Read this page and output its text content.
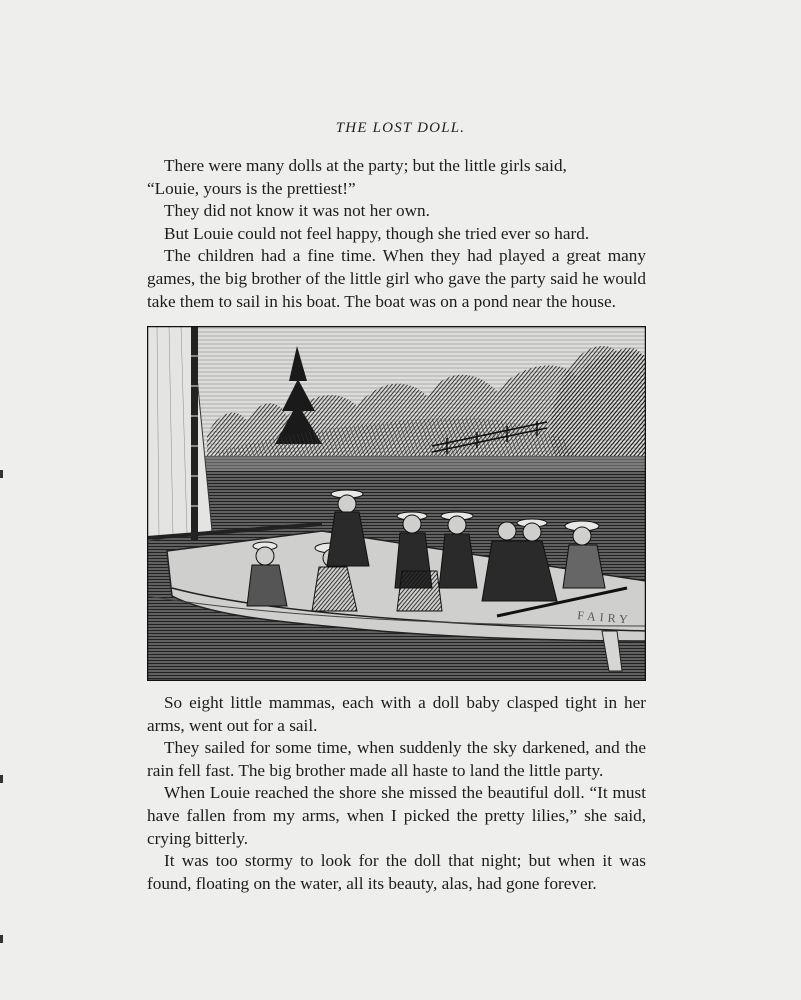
THE LOST DOLL.

There were many dolls at the party; but the little girls said,

“Louie, yours is the prettiest!”

They did not know it was not her own.

But Louie could not feel happy, though she tried ever so hard.

The children had a fine time. When they had played a great many games, the big brother of the little girl who gave the party said he would take them to sail in his boat. The boat was on a pond near the house.

FAIRY

So eight little mammas, each with a doll baby clasped tight in her arms, went out for a sail.

They sailed for some time, when suddenly the sky darkened, and the rain fell fast. The big brother made all haste to land the little party.

When Louie reached the shore she missed the beautiful doll. “It must have fallen from my arms, when I picked the pretty lilies,” she said, crying bitterly.

It was too stormy to look for the doll that night; but when it was found, floating on the water, all its beauty, alas, had gone forever.
